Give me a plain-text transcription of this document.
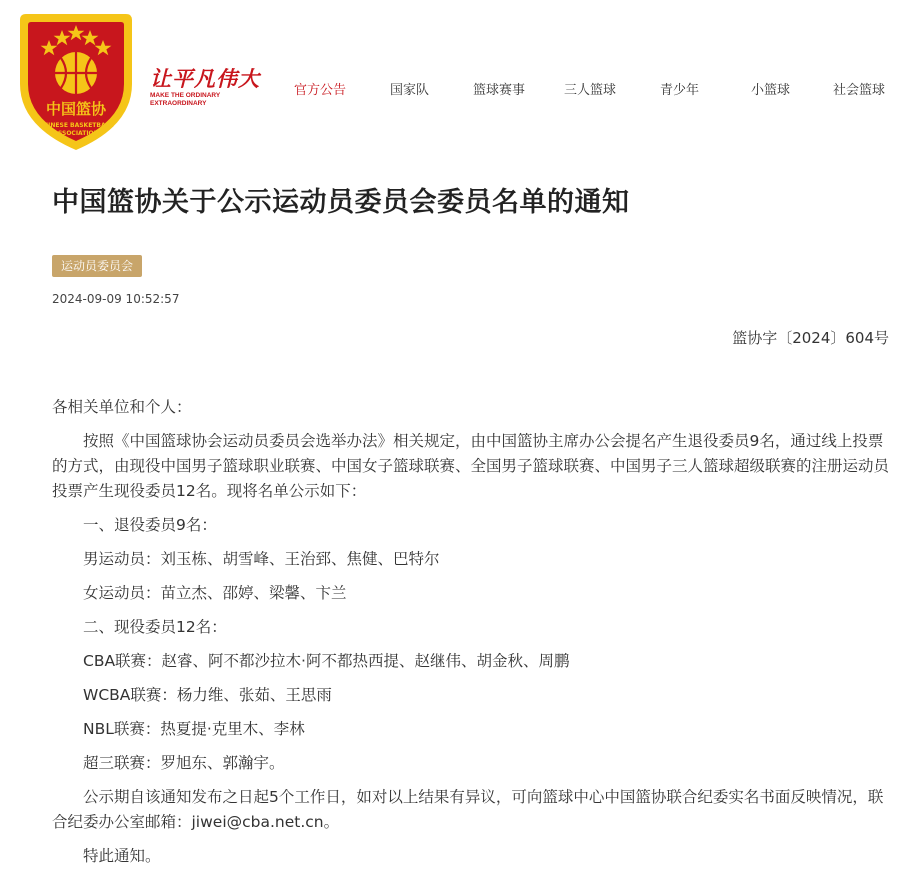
中国篮协
CHINESE BASKETBALL
ASSOCIATION
让平凡伟大
MAKE THE ORDINARY
EXTRAORDINARY
官方公告	国家队	篮球赛事	三人篮球	青少年	小篮球	社会篮球
中国篮协关于公示运动员委员会委员名单的通知
运动员委员会
2024-09-09 10:52:57
篮协字〔2024〕604号

各相关单位和个人：

按照《中国篮球协会运动员委员会选举办法》相关规定，由中国篮协主席办公会提名产生退役委员9名，通过线上投票的方式，由现役中国男子篮球职业联赛、中国女子篮球联赛、全国男子篮球联赛、中国男子三人篮球超级联赛的注册运动员投票产生现役委员12名。现将名单公示如下：

一、退役委员9名：

男运动员：刘玉栋、胡雪峰、王治郅、焦健、巴特尔

女运动员：苗立杰、邵婷、梁馨、卞兰

二、现役委员12名：

CBA联赛：赵睿、阿不都沙拉木·阿不都热西提、赵继伟、胡金秋、周鹏

WCBA联赛：杨力维、张茹、王思雨

NBL联赛：热夏提·克里木、李林

超三联赛：罗旭东、郭瀚宇。

公示期自该通知发布之日起5个工作日，如对以上结果有异议，可向篮球中心中国篮协联合纪委实名书面反映情况，联合纪委办公室邮箱：jiwei@cba.net.cn。

特此通知。
